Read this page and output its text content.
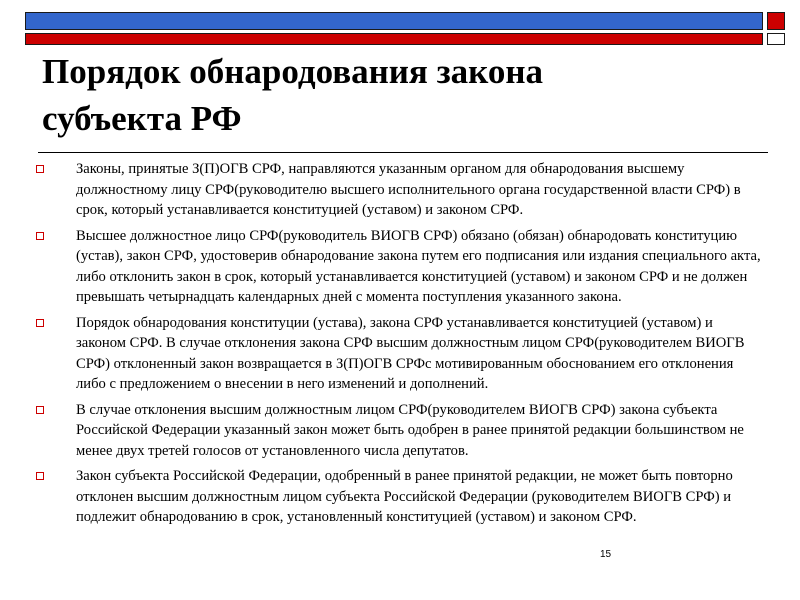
Порядок обнародования закона
субъекта РФ
Законы, принятые З(П)ОГВ СРФ, направляются указанным органом для обнародования высшему должностному лицу СРФ(руководителю высшего исполнительного органа государственной власти СРФ) в срок, который устанавливается конституцией (уставом) и законом СРФ.
Высшее должностное лицо СРФ(руководитель ВИОГВ СРФ) обязано (обязан) обнародовать конституцию (устав), закон СРФ, удостоверив обнародование закона путем его подписания или издания специального акта, либо отклонить закон в срок, который устанавливается конституцией (уставом) и законом СРФ и не должен превышать четырнадцать календарных дней с момента поступления указанного закона.
Порядок обнародования конституции (устава), закона СРФ устанавливается конституцией (уставом) и законом СРФ. В случае отклонения закона СРФ высшим должностным лицом СРФ(руководителем ВИОГВ СРФ) отклоненный закон возвращается в З(П)ОГВ СРФс мотивированным обоснованием его отклонения либо с предложением о внесении в него изменений и дополнений.
В случае отклонения высшим должностным лицом СРФ(руководителем ВИОГВ СРФ) закона субъекта Российской Федерации указанный закон может быть одобрен в ранее принятой редакции большинством не менее двух третей голосов от установленного числа депутатов.
Закон субъекта Российской Федерации, одобренный в ранее принятой редакции, не может быть повторно отклонен высшим должностным лицом субъекта Российской Федерации (руководителем ВИОГВ СРФ) и подлежит обнародованию в срок, установленный конституцией (уставом) и законом СРФ.
15
